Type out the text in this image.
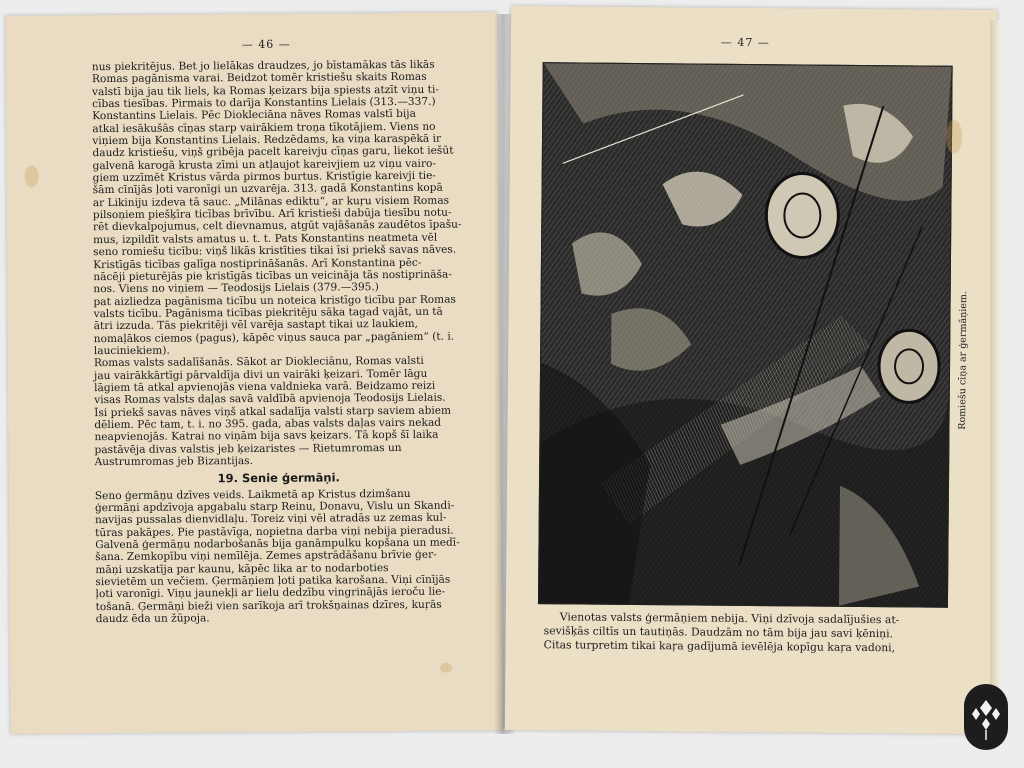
— 46 —

nus piekritējus. Bet jo lielākas draudzes, jo bīstamākas tās likās
Romas pagānisma varai. Beidzot tomēr kristiešu skaits Romas
valstī bija jau tik liels, ka Romas ķeizars bija spiests atzīt viņu ti-
cības tiesības. Pirmais to darīja Konstantins Lielais (313.—337.)

Konstantins Lielais. Pēc Diokleciāna nāves Romas valstī bija
atkal iesākušās cīņas starp vairākiem troņa tīkotājiem. Viens no
viņiem bija Konstantins Lielais. Redzēdams, ka viņa karaspēkā ir
daudz kristiešu, viņš gribēja pacelt kareivju cīņas garu, liekot iešūt
galvenā karogā krusta zīmi un atļaujot kareivjiem uz viņu vairo-
giem uzzīmēt Kristus vārda pirmos burtus. Kristīgie kareivji tie-
šām cīnījās ļoti varonīgi un uzvarēja. 313. gadā Konstantins kopā
ar Likiniju izdeva tā sauc. „Milānas ediktu“, ar kuŗu visiem Romas
pilsoņiem piešķīra ticības brīvību. Arī kristieši dabūja tiesību notu-
rēt dievkalpojumus, celt dievnamus, atgūt vajāšanās zaudētos īpašu-
mus, izpildīt valsts amatus u. t. t. Pats Konstantins neatmeta vēl
seno romiešu ticību: viņš likās kristīties tikai īsi priekš savas nāves.

Kristīgās ticības galīga nostiprināšanās. Arī Konstantina pēc-
nācēji pieturējās pie kristīgās ticības un veicināja tās nostiprināša-
nos. Viens no viņiem — Teodosijs Lielais (379.—395.)
pat aizliedza pagānisma ticību un noteica kristīgo ticību par Romas
valsts ticību. Pagānisma ticības piekritēju sāka tagad vajāt, un tā
ātri izzuda. Tās piekritēji vēl varēja sastapt tikai uz laukiem,
nomaļākos ciemos (pagus), kāpēc viņus sauca par „pagāniem“ (t. i.
lauciniekiem).

Romas valsts sadalīšanās. Sākot ar Diokleciānu, Romas valsti
jau vairākkārtīgi pārvaldīja divi un vairāki ķeizari. Tomēr lāgu
lāgiem tā atkal apvienojās viena valdnieka varā. Beidzamo reizi
visas Romas valsts daļas savā valdībā apvienoja Teodosijs Lielais.
Īsi priekš savas nāves viņš atkal sadalīja valsti starp saviem abiem
dēliem. Pēc tam, t. i. no 395. gada, abas valsts daļas vairs nekad
neapvienojās. Katrai no viņām bija savs ķeizars. Tā kopš šī laika
pastāvēja divas valstis jeb ķeizaristes — Rietumromas un
Austrumromas jeb Bizantijas.

19. Senie ģermāņi.

Seno ģermāņu dzīves veids. Laikmetā ap Kristus dzimšanu
ģermāņi apdzīvoja apgabalu starp Reinu, Donavu, Vislu un Skandi-
navijas pussalas dienvidlaļu. Toreiz viņi vēl atradās uz zemas kul-
tūras pakāpes. Pie pastāvīga, nopietna darba viņi nebija pieradusi.
Galvenā ģermāņu nodarbošanās bija ganāmpulku kopšana un medī-
šana. Zemkopību viņi nemīlēja. Zemes apstrādāšanu brīvie ģer-
māņi uzskatīja par kaunu, kāpēc lika ar to nodarboties
sievietēm un večiem. Ģermāņiem ļoti patika karošana. Viņi cīnījās
ļoti varonīgi. Viņu jaunekļi ar lielu dedzību vingrinājās ieroču lie-
tošanā. Ģermāņi bieži vien sarīkoja arī trokšņainas dzīres, kuŗās
daudz ēda un žūpoja.

— 47 —
Romiešu cīņa ar ģermāņiem.

Vienotas valsts ģermāņiem nebija. Viņi dzīvoja sadalījušies at-
sevišķās ciltīs un tautiņās. Daudzām no tām bija jau savi ķēniņi.
Citas turpretim tikai kaŗa gadījumā ievēlēja kopīgu kaŗa vadoni,
